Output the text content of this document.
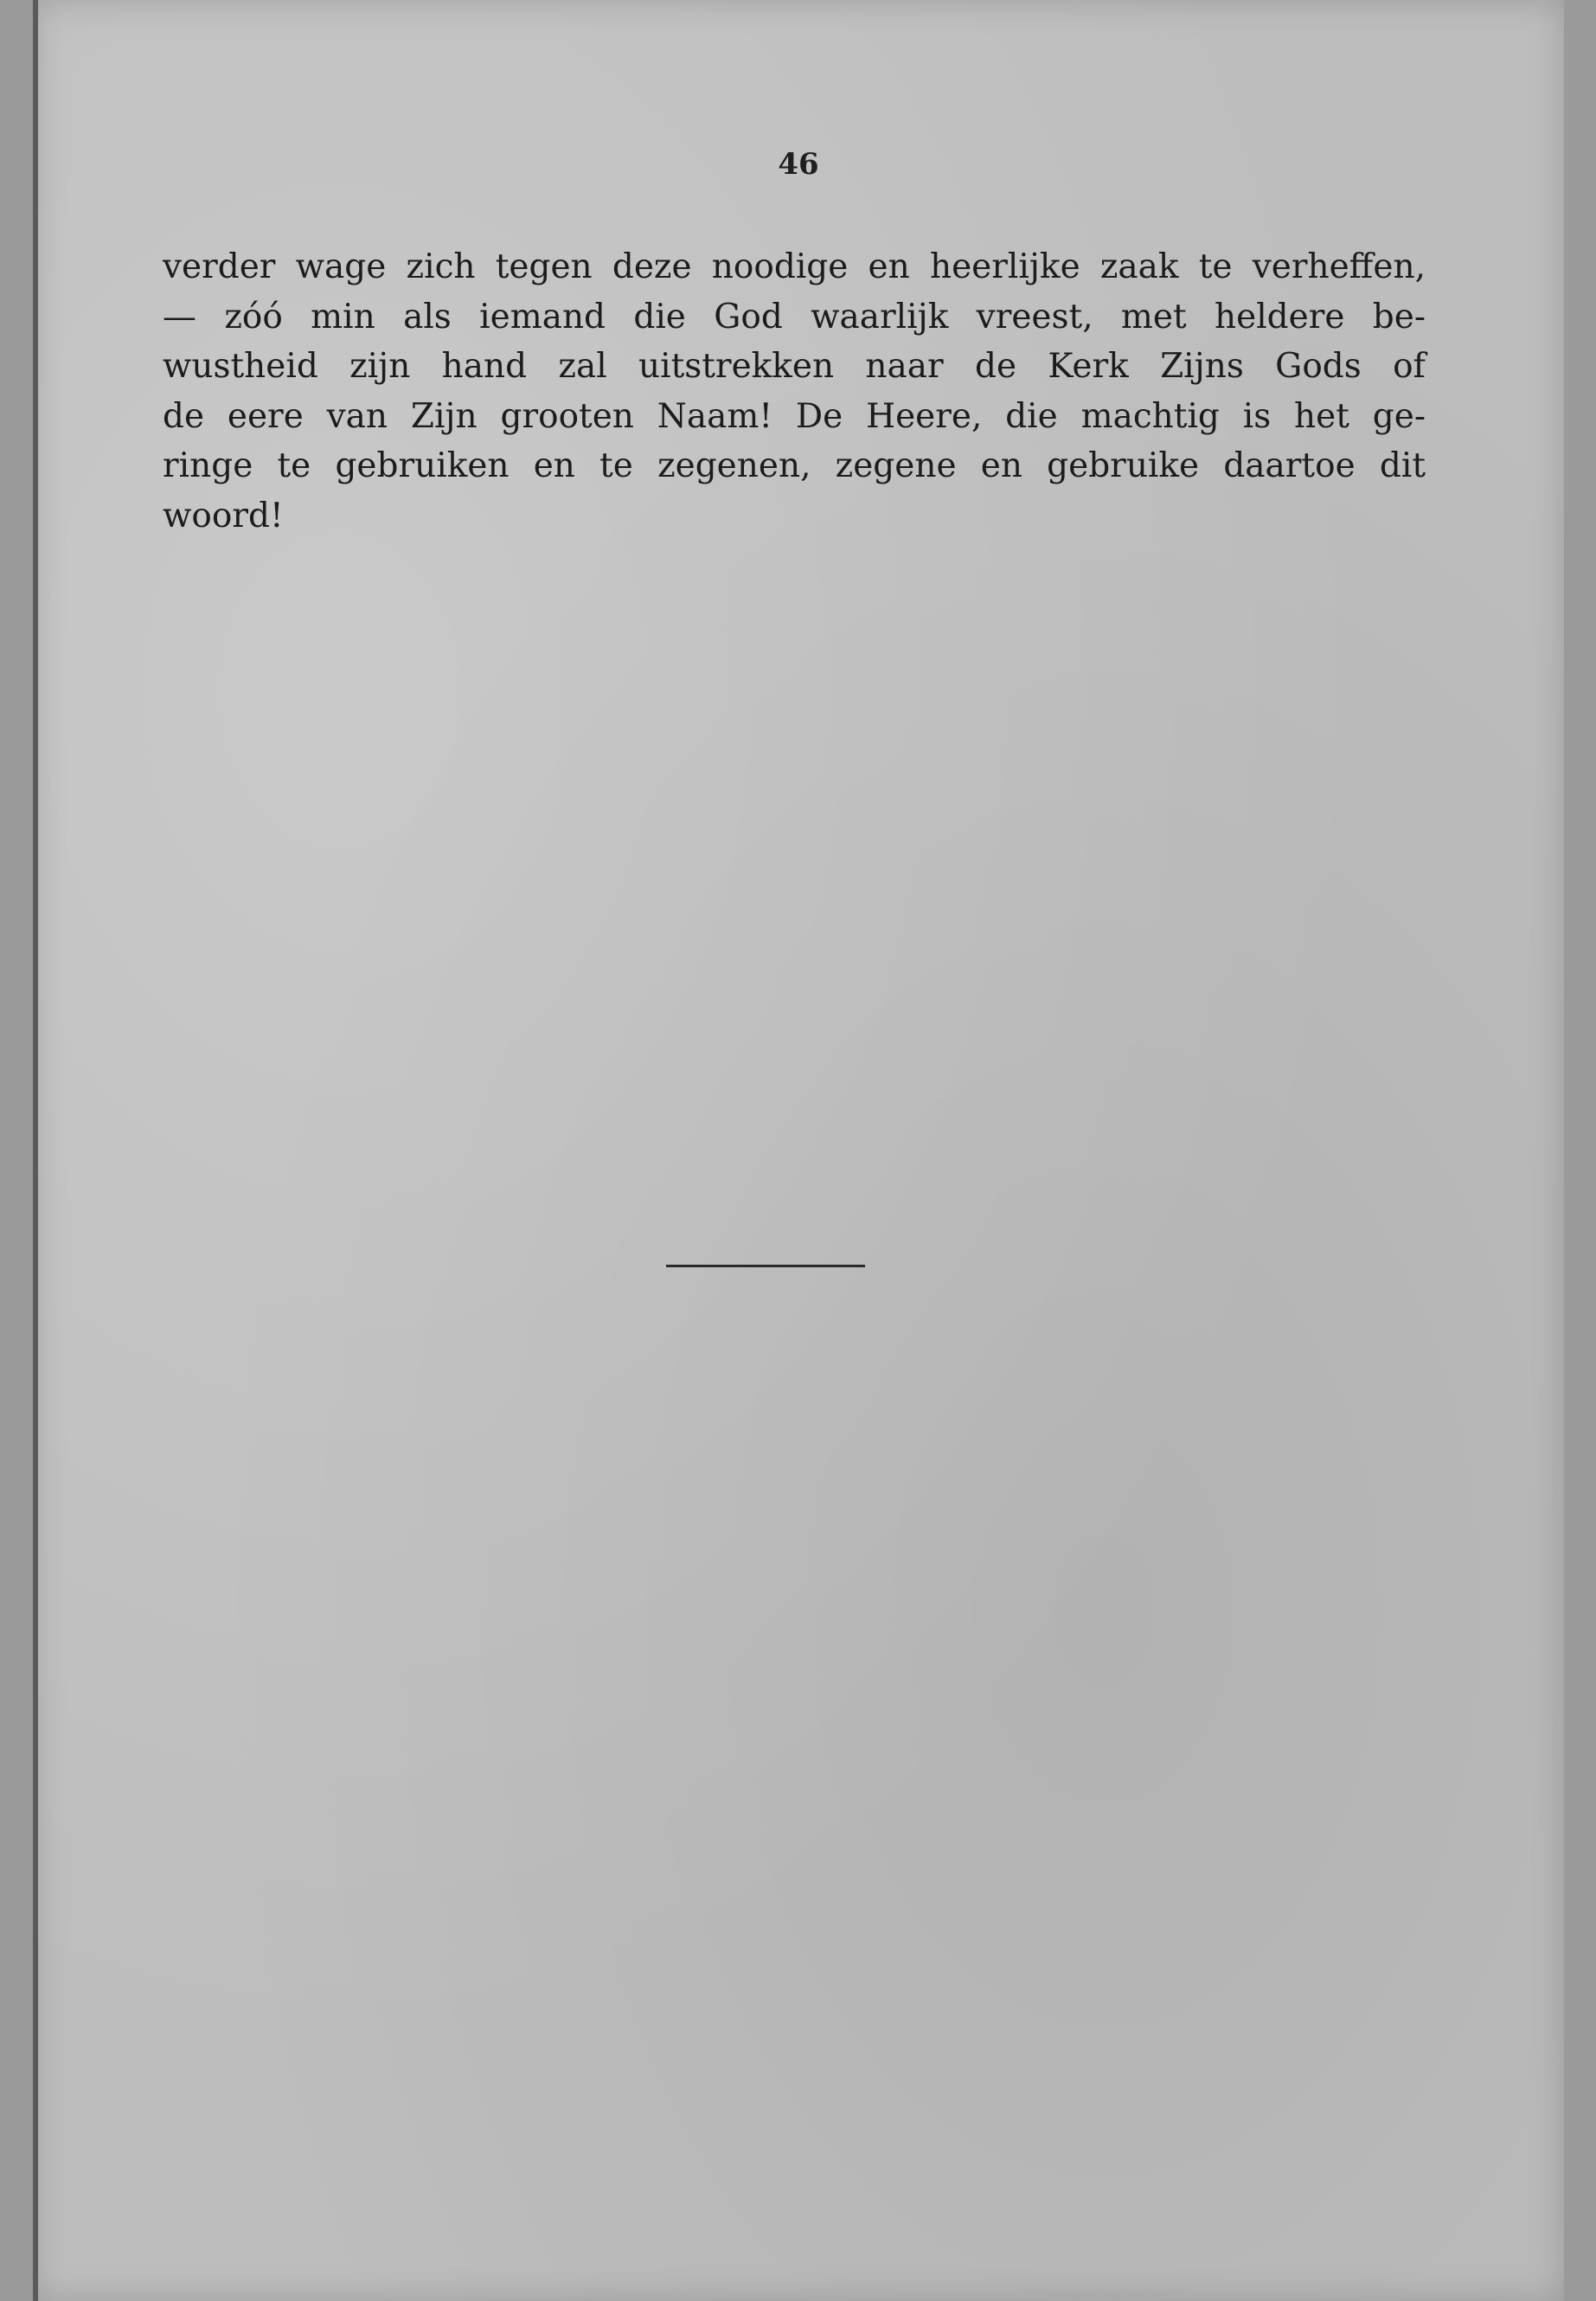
46
verder wage zich tegen deze noodige en heerlijke zaak te verheffen,
— zóó min als iemand die God waarlijk vreest, met heldere be-
wustheid zijn hand zal uitstrekken naar de Kerk Zijns Gods of
de eere van Zijn grooten Naam! De Heere, die machtig is het ge-
ringe te gebruiken en te zegenen, zegene en gebruike daartoe dit
woord!
